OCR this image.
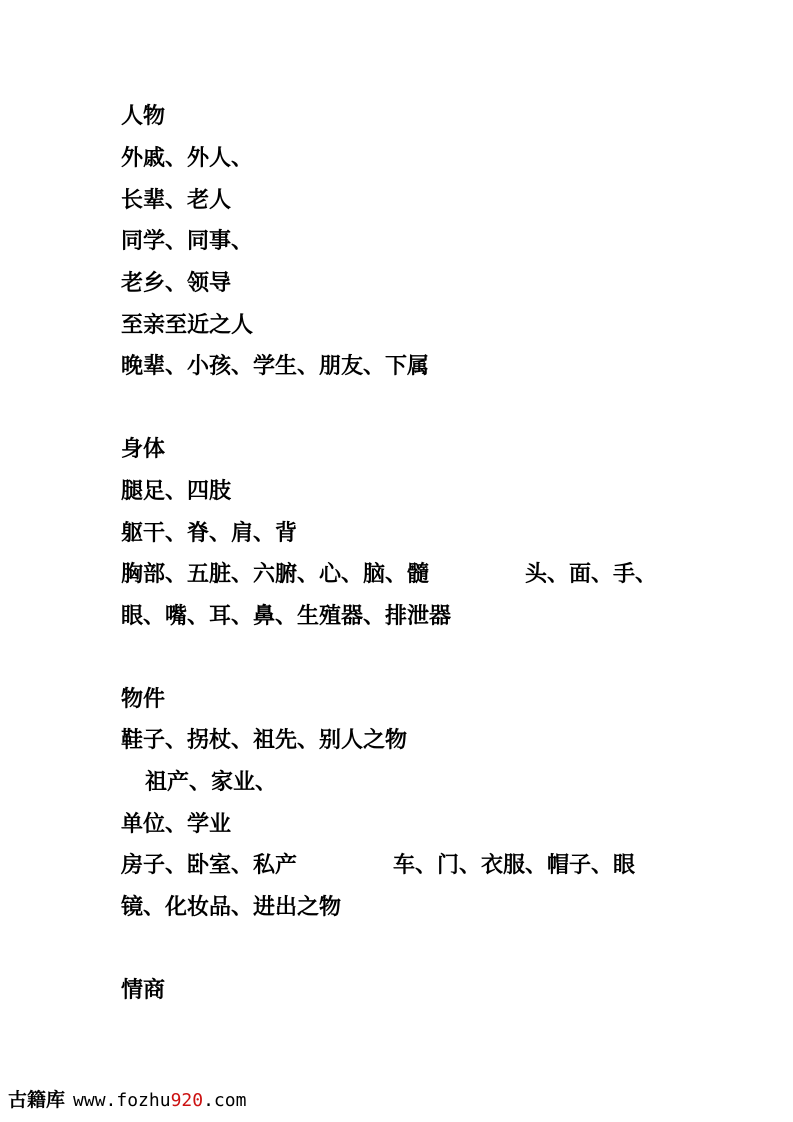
人物
外戚、外人、
长辈、老人
同学、同事、
老乡、领导
至亲至近之人
晚辈、小孩、学生、朋友、下属
身体
腿足、四肢
躯干、脊、肩、背
胸部、五脏、六腑、心、脑、髓	头、面、手、
眼、嘴、耳、鼻、生殖器、排泄器
物件
鞋子、拐杖、祖先、别人之物
祖产、家业、
单位、学业
房子、卧室、私产	车、门、衣服、帽子、眼
镜、化妆品、进出之物
情商
古籍库 www.fozhu920.com
